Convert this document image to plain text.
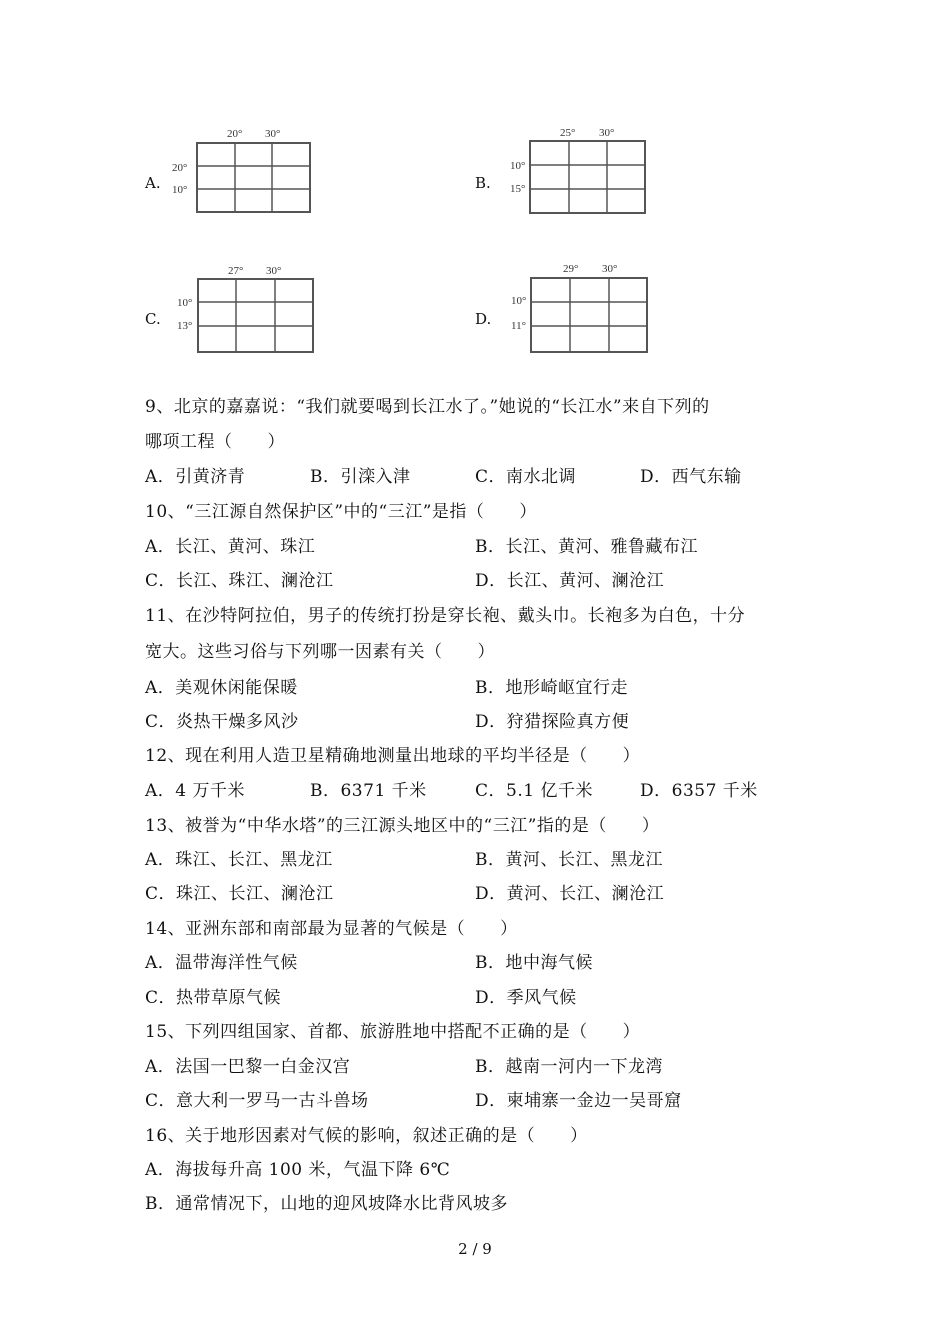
A.
20° 30°
20°
10°	B.
25° 30°
10°
15°
C.
27° 30°
10°
13°	D.
29° 30°
10°
11°
9、北京的嘉嘉说：“我们就要喝到长江水了。”她说的“长江水”来自下列的
哪项工程（　　）
A．引黄济青	B．引滦入津	C．南水北调	D．西气东输
10、“三江源自然保护区”中的“三江”是指（　　）
A．长江、黄河、珠江	B．长江、黄河、雅鲁藏布江
C．长江、珠江、澜沧江	D．长江、黄河、澜沧江
11、在沙特阿拉伯，男子的传统打扮是穿长袍、戴头巾。长袍多为白色，十分
宽大。这些习俗与下列哪一因素有关（　　）
A．美观休闲能保暖	B．地形崎岖宜行走
C．炎热干燥多风沙	D．狩猎探险真方便
12、现在利用人造卫星精确地测量出地球的平均半径是（　　）
A．4 万千米	B．6371 千米	C．5.1 亿千米	D．6357 千米
13、被誉为“中华水塔”的三江源头地区中的“三江”指的是（　　）
A．珠江、长江、黑龙江	B．黄河、长江、黑龙江
C．珠江、长江、澜沧江	D．黄河、长江、澜沧江
14、亚洲东部和南部最为显著的气候是（　　）
A．温带海洋性气候	B．地中海气候
C．热带草原气候	D．季风气候
15、下列四组国家、首都、旅游胜地中搭配不正确的是（　　）
A．法国一巴黎一白金汉宫	B．越南一河内一下龙湾
C．意大利一罗马一古斗兽场	D．柬埔寨一金边一吴哥窟
16、关于地形因素对气候的影响，叙述正确的是（　　）
A．海拔每升高 100 米，气温下降 6℃
B．通常情况下，山地的迎风坡降水比背风坡多
2 / 9
